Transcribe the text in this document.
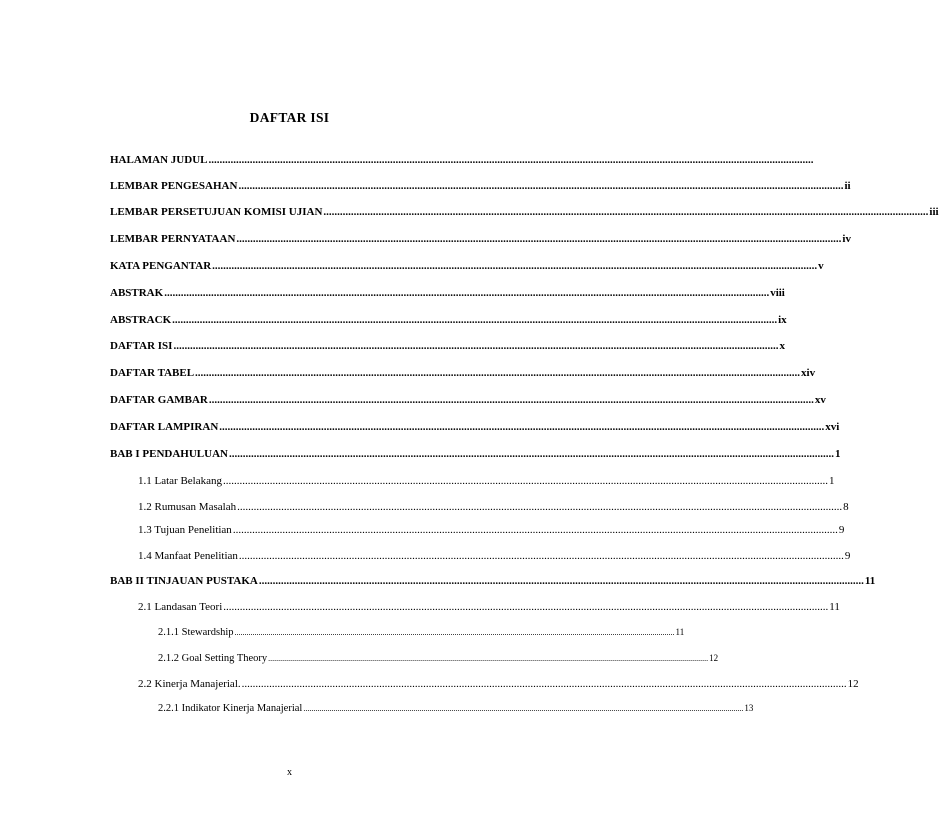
DAFTAR ISI
HALAMAN JUDUL ............................................................................................................................................................................................................................
LEMBAR PENGESAHAN ............................................................................................................................................................................................................................ ii
LEMBAR PERSETUJUAN KOMISI UJIAN ............................................................................................................................................................................................................................ iii
LEMBAR PERNYATAAN ............................................................................................................................................................................................................................ iv
KATA PENGANTAR ............................................................................................................................................................................................................................ v
ABSTRAK ............................................................................................................................................................................................................................ viii
ABSTRACK ............................................................................................................................................................................................................................ ix
DAFTAR ISI ............................................................................................................................................................................................................................ x
DAFTAR TABEL ............................................................................................................................................................................................................................ xiv
DAFTAR GAMBAR ............................................................................................................................................................................................................................ xv
DAFTAR LAMPIRAN ............................................................................................................................................................................................................................ xvi
BAB I PENDAHULUAN ............................................................................................................................................................................................................................ 1
1.1 Latar Belakang ............................................................................................................................................................................................................................ 1
1.2 Rumusan Masalah ............................................................................................................................................................................................................................ 8
1.3 Tujuan Penelitian ............................................................................................................................................................................................................................ 9
1.4 Manfaat Penelitian ............................................................................................................................................................................................................................ 9
BAB II TINJAUAN PUSTAKA ............................................................................................................................................................................................................................ 11
2.1 Landasan Teori ............................................................................................................................................................................................................................ 11
2.1.1 Stewardship ............................................................................................................................................................................................................................ 11
2.1.2 Goal Setting Theory ............................................................................................................................................................................................................................ 12
2.2 Kinerja Manajerial. ............................................................................................................................................................................................................................ 12
2.2.1 Indikator Kinerja Manajerial ............................................................................................................................................................................................................................ 13
x
